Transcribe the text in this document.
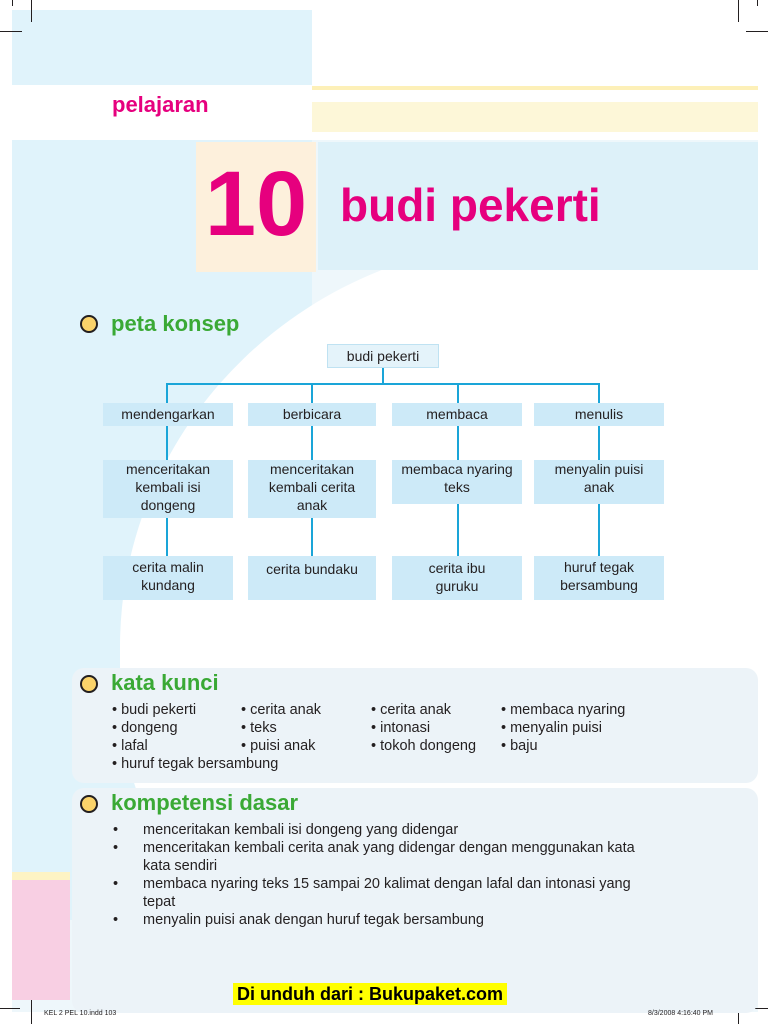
pelajaran
10 budi pekerti
peta konsep
budi pekerti
mendengarkan	berbicara	membaca	menulis
menceritakan kembali isi dongeng
menceritakan kembali cerita anak
membaca nyaring teks
menyalin puisi anak
cerita malin kundang
cerita bundaku	cerita ibu guruku
huruf tegak bersambung
kata kunci
• budi pekerti
• dongeng
• lafal
• huruf tegak bersambung
• cerita anak
• teks
• puisi anak
• cerita anak
• intonasi
• tokoh dongeng
• membaca nyaring
• menyalin puisi
• baju
kompetensi dasar
• menceritakan kembali isi dongeng yang didengar
• menceritakan kembali cerita anak yang didengar dengan menggunakan kata kata sendiri
• membaca nyaring teks 15 sampai 20 kalimat dengan lafal dan intonasi yang tepat
• menyalin puisi anak dengan huruf tegak bersambung
Di unduh dari : Bukupaket.com
KEL 2 PEL 10.indd 103	8/3/2008 4:16:40 PM
